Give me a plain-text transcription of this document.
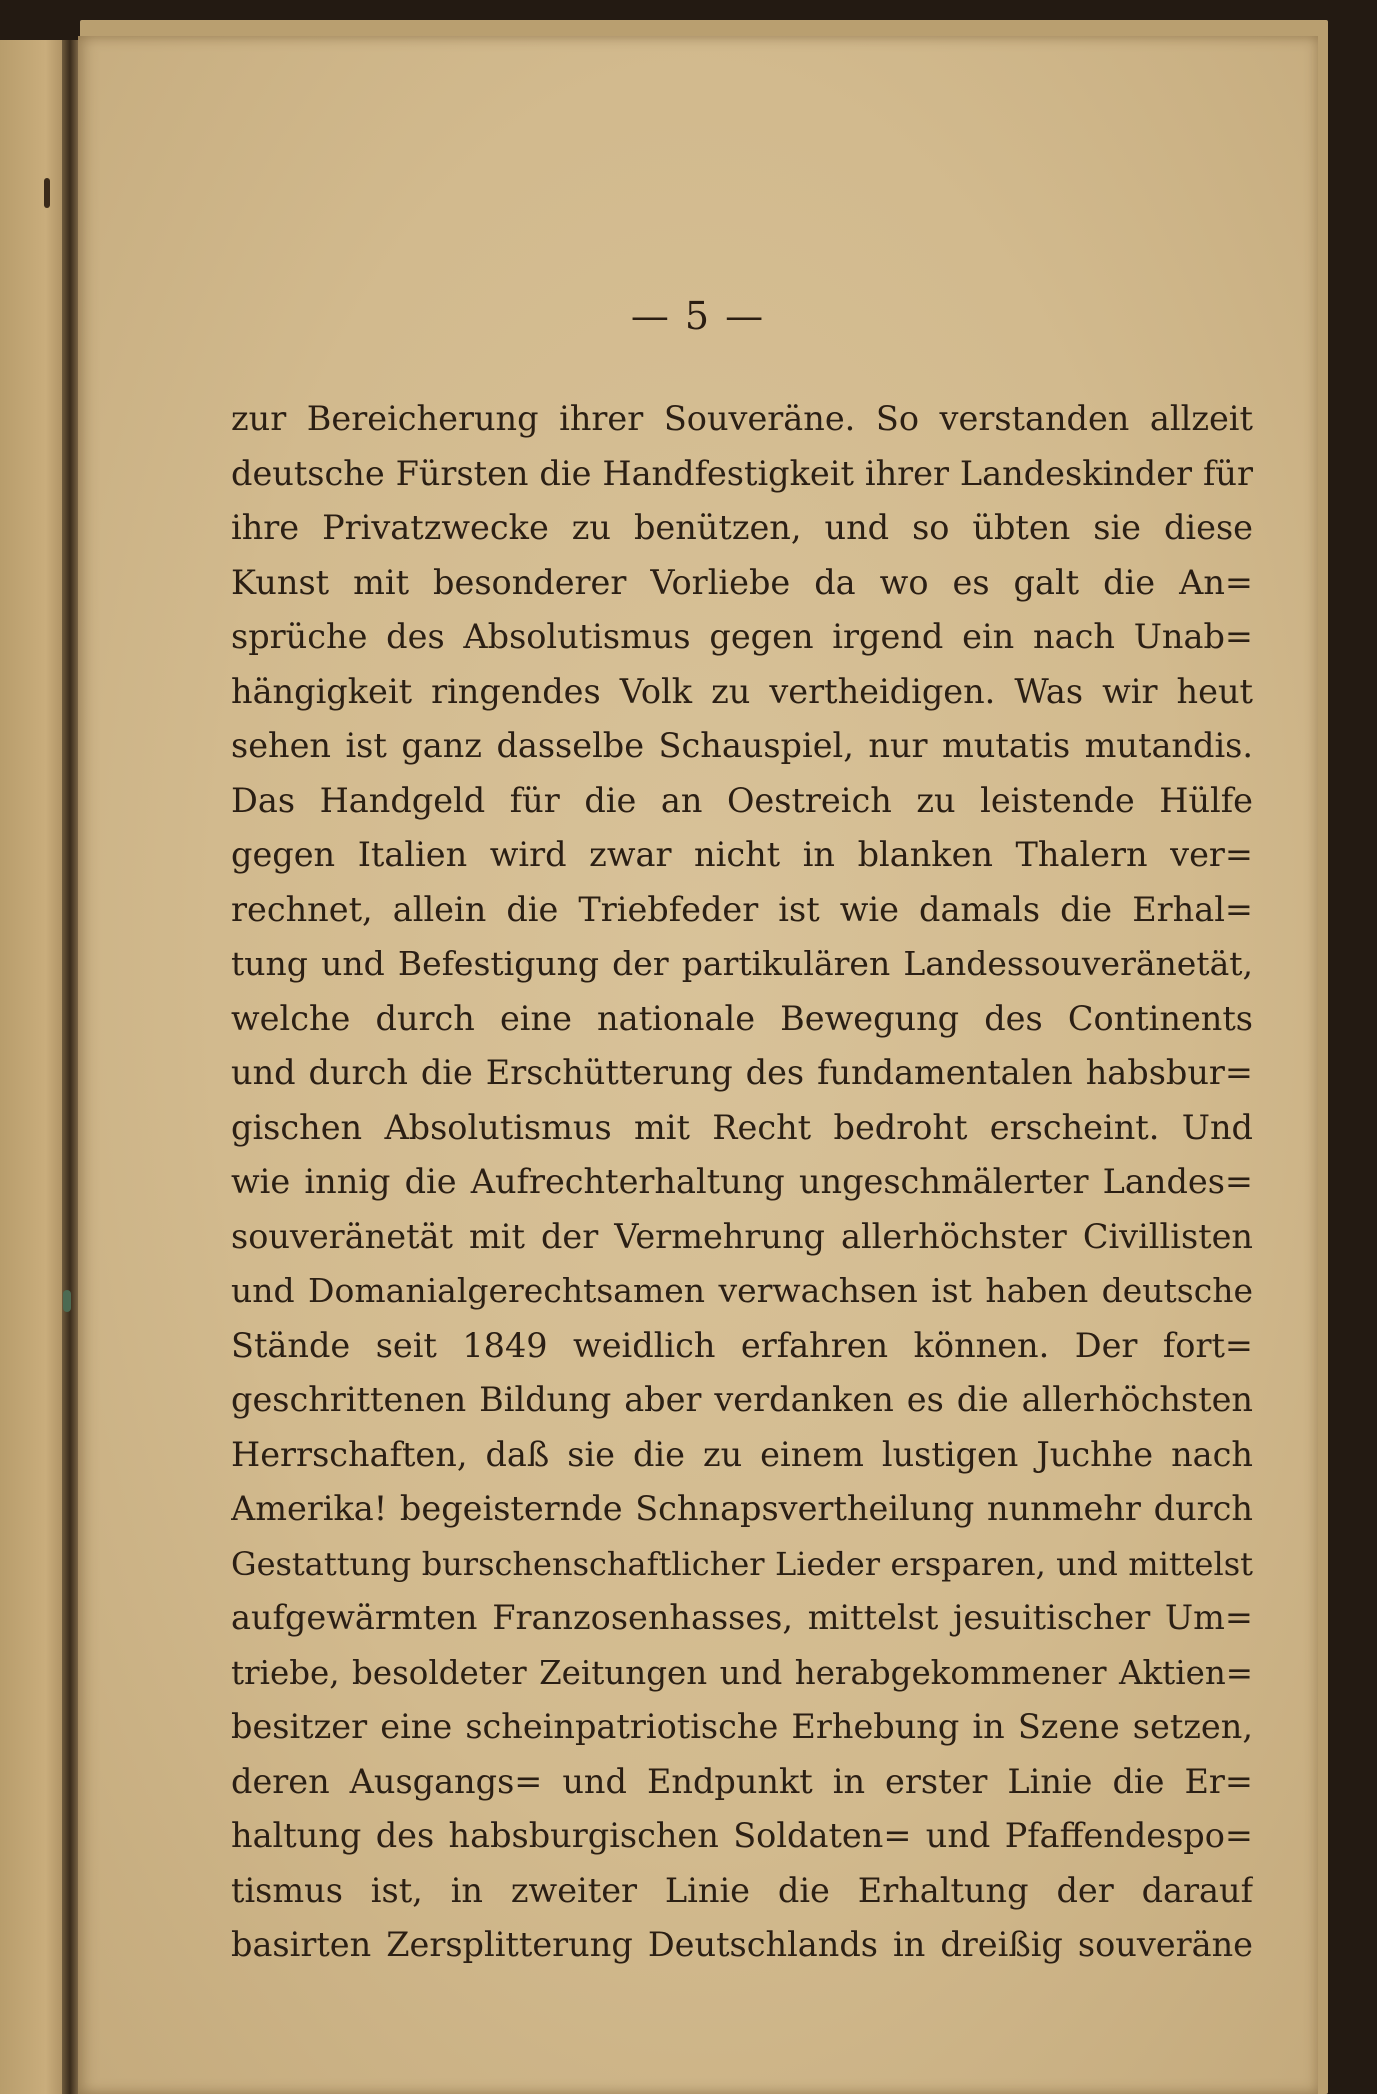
— 5 —
zur Bereicherung ihrer Souveräne. So verstanden allzeit
deutsche Fürsten die Handfestigkeit ihrer Landeskinder für
ihre Privatzwecke zu benützen, und so übten sie diese
Kunst mit besonderer Vorliebe da wo es galt die An=
sprüche des Absolutismus gegen irgend ein nach Unab=
hängigkeit ringendes Volk zu vertheidigen. Was wir heut
sehen ist ganz dasselbe Schauspiel, nur mutatis mutandis.
Das Handgeld für die an Oestreich zu leistende Hülfe
gegen Italien wird zwar nicht in blanken Thalern ver=
rechnet, allein die Triebfeder ist wie damals die Erhal=
tung und Befestigung der partikulären Landessouveränetät,
welche durch eine nationale Bewegung des Continents
und durch die Erschütterung des fundamentalen habsbur=
gischen Absolutismus mit Recht bedroht erscheint. Und
wie innig die Aufrechterhaltung ungeschmälerter Landes=
souveränetät mit der Vermehrung allerhöchster Civillisten
und Domanialgerechtsamen verwachsen ist haben deutsche
Stände seit 1849 weidlich erfahren können. Der fort=
geschrittenen Bildung aber verdanken es die allerhöchsten
Herrschaften, daß sie die zu einem lustigen Juchhe nach
Amerika! begeisternde Schnapsvertheilung nunmehr durch
Gestattung burschenschaftlicher Lieder ersparen, und mittelst
aufgewärmten Franzosenhasses, mittelst jesuitischer Um=
triebe, besoldeter Zeitungen und herabgekommener Aktien=
besitzer eine scheinpatriotische Erhebung in Szene setzen,
deren Ausgangs= und Endpunkt in erster Linie die Er=
haltung des habsburgischen Soldaten= und Pfaffendespo=
tismus ist, in zweiter Linie die Erhaltung der darauf
basirten Zersplitterung Deutschlands in dreißig souveräne
